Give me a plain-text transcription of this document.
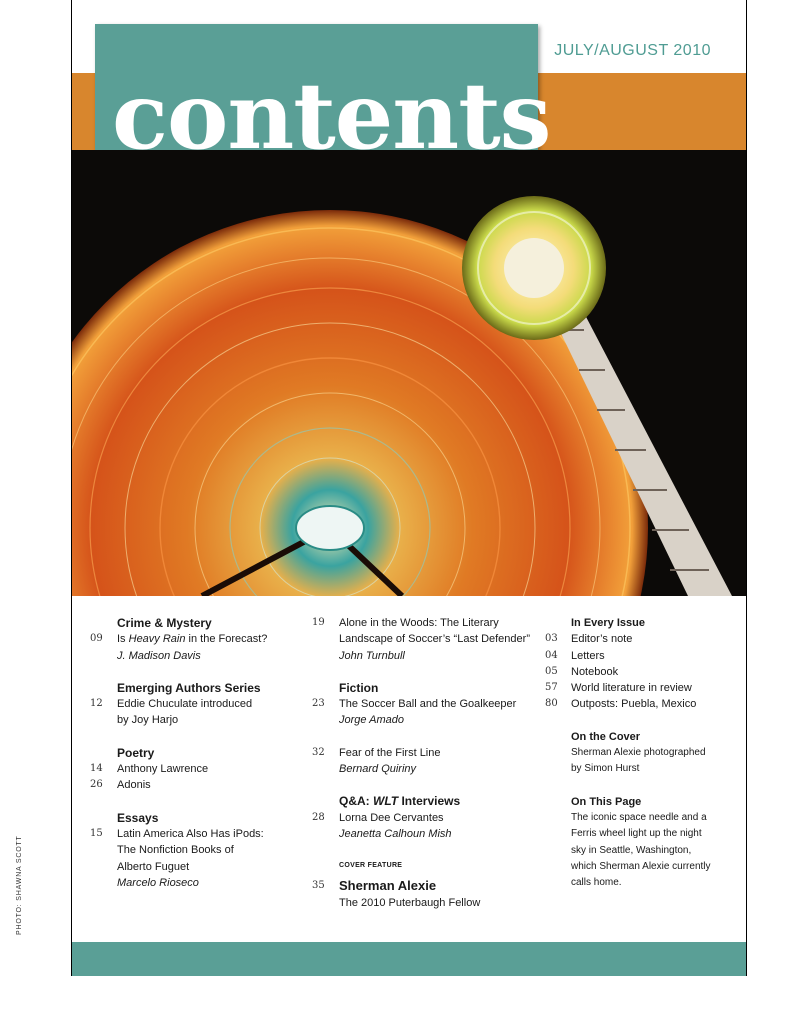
contents
JULY/AUGUST 2010
PHOTO: SHAWNA SCOTT
Crime & Mystery
09	Is Heavy Rain in the Forecast?
J. Madison Davis
Emerging Authors Series
12	Eddie Chuculate introduced
by Joy Harjo
Poetry
14	Anthony Lawrence
26	Adonis
Essays
15	Latin America Also Has iPods:
The Nonfiction Books of
Alberto Fuguet
Marcelo Rioseco
19	Alone in the Woods: The Literary
Landscape of Soccer’s “Last Defender”
John Turnbull
Fiction
23	The Soccer Ball and the Goalkeeper
Jorge Amado
32	Fear of the First Line
Bernard Quiriny
Q&A: WLT Interviews
28	Lorna Dee Cervantes
Jeanetta Calhoun Mish
COVER FEATURE
35	Sherman Alexie
The 2010 Puterbaugh Fellow
In Every Issue
03	Editor’s note
04	Letters
05	Notebook
57	World literature in review
80	Outposts: Puebla, Mexico
On the Cover
Sherman Alexie photographed
by Simon Hurst
On This Page
The iconic space needle and a
Ferris wheel light up the night
sky in Seattle, Washington,
which Sherman Alexie currently
calls home.
